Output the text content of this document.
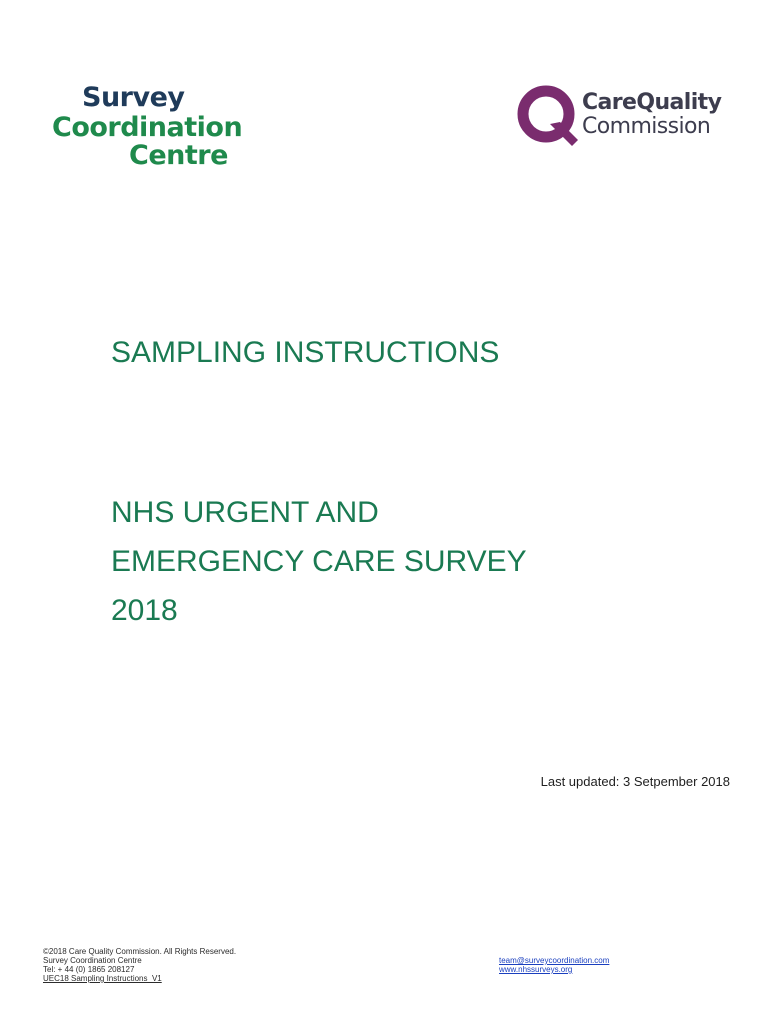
Survey
Coordination
Centre
CareQuality
Commission
SAMPLING INSTRUCTIONS
NHS URGENT AND
EMERGENCY CARE SURVEY
2018
Last updated: 3 Setpember 2018
©2018 Care Quality Commission. All Rights Reserved.
Survey Coordination Centre
Tel: + 44 (0) 1865 208127
UEC18 Sampling Instructions_V1
team@surveycoordination.com
www.nhssurveys.org
